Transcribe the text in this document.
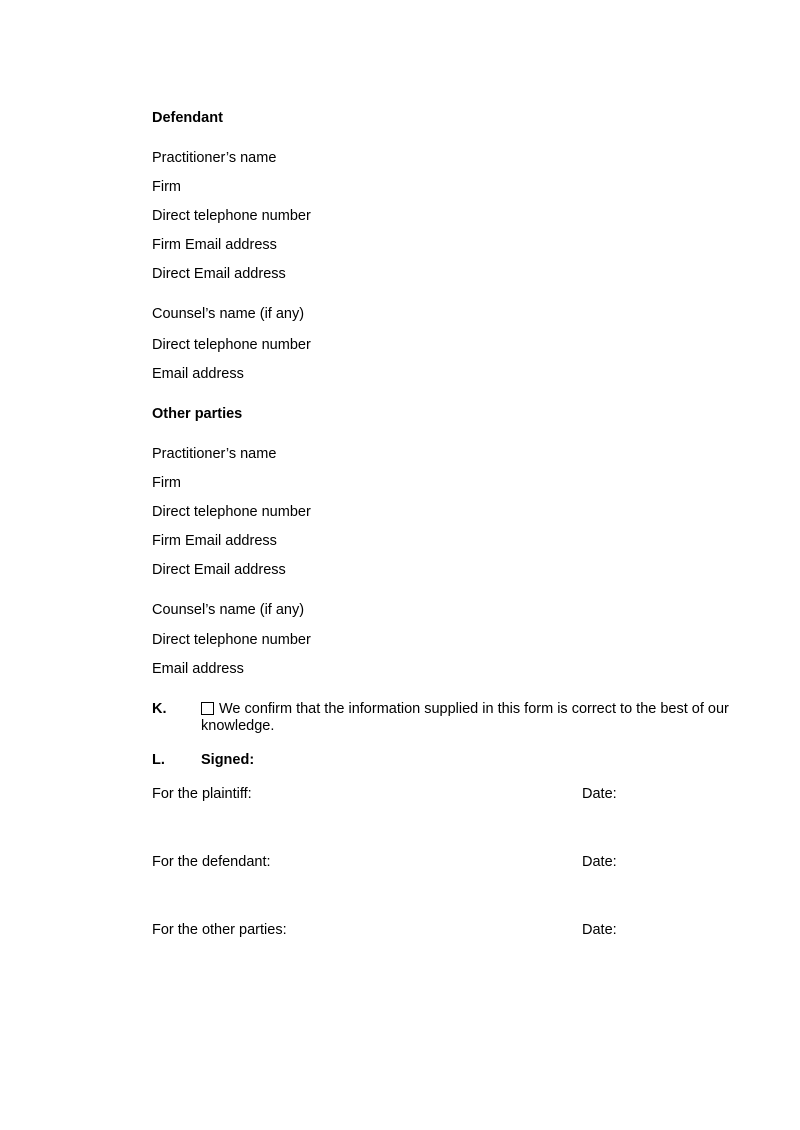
Defendant
Practitioner’s name
Firm
Direct telephone number
Firm Email address
Direct Email address
Counsel’s name (if any)
Direct telephone number
Email address
Other parties
Practitioner’s name
Firm
Direct telephone number
Firm Email address
Direct Email address
Counsel’s name (if any)
Direct telephone number
Email address
K.	We confirm that the information supplied in this form is correct to the best of our knowledge.
L. Signed:
For the plaintiff:	Date:
For the defendant:	Date:
For the other parties:	Date:
